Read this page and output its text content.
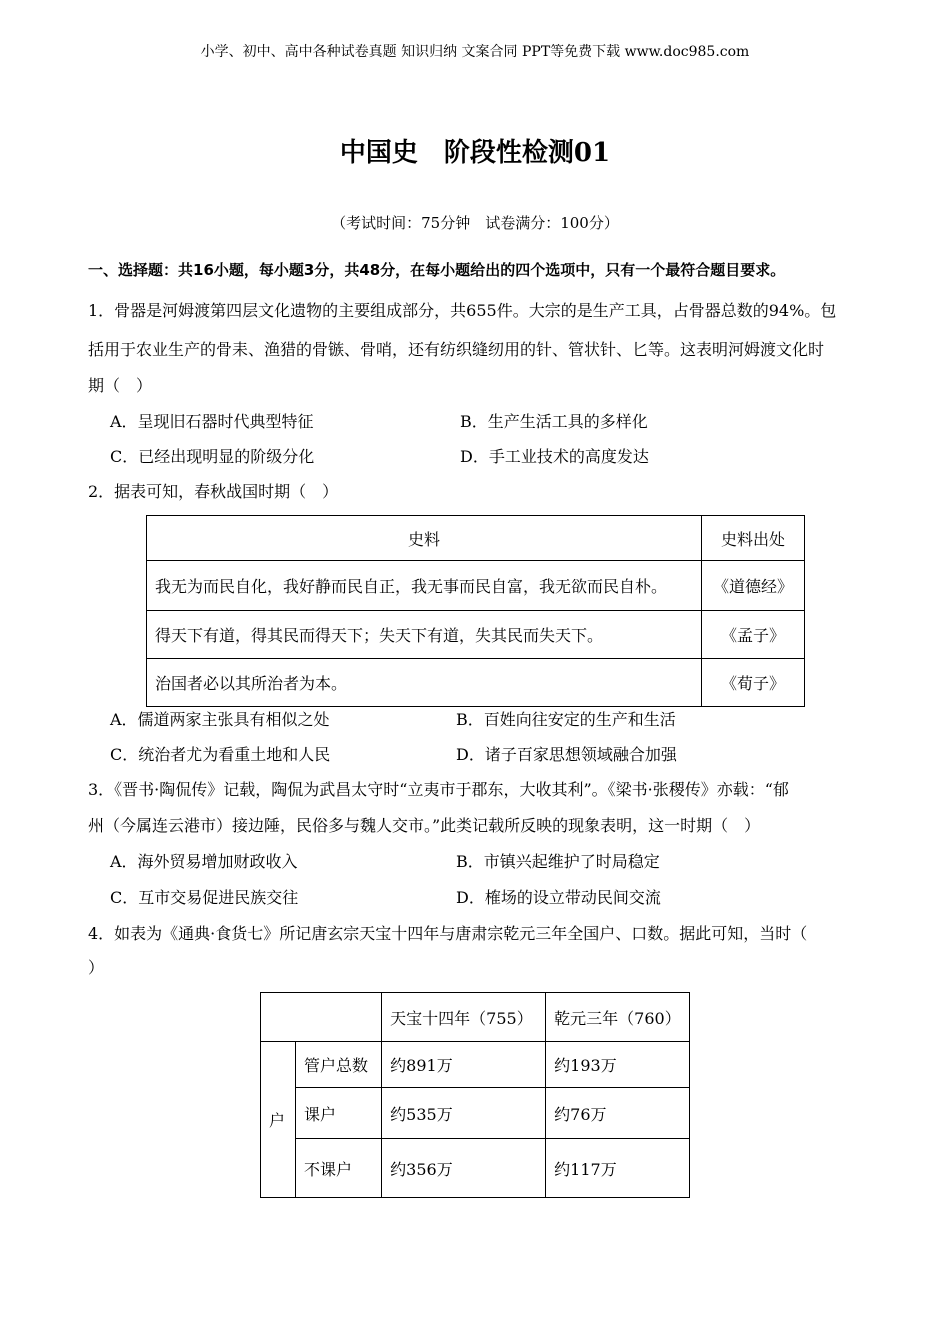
小学、初中、高中各种试卷真题 知识归纳 文案合同 PPT等免费下载 www.doc985.com
中国史　阶段性检测01
（考试时间：75分钟　试卷满分：100分）
一、选择题：共16小题，每小题3分，共48分，在每小题给出的四个选项中，只有一个最符合题目要求。
1．骨器是河姆渡第四层文化遗物的主要组成部分，共655件。大宗的是生产工具，占骨器总数的94%。包
括用于农业生产的骨耒、渔猎的骨镞、骨哨，还有纺织缝纫用的针、管状针、匕等。这表明河姆渡文化时
期（　）
A．呈现旧石器时代典型特征	B．生产生活工具的多样化
C．已经出现明显的阶级分化	D．手工业技术的高度发达
2．据表可知，春秋战国时期（　）
史料	史料出处
我无为而民自化，我好静而民自正，我无事而民自富，我无欲而民自朴。	《道德经》
得天下有道，得其民而得天下；失天下有道，失其民而失天下。	《孟子》
治国者必以其所治者为本。	《荀子》
A．儒道两家主张具有相似之处	B．百姓向往安定的生产和生活
C．统治者尤为看重土地和人民	D．诸子百家思想领域融合加强
3．《晋书·陶侃传》记载，陶侃为武昌太守时“立夷市于郡东，大收其利”。《梁书·张稷传》亦载：“郁
州（今属连云港市）接边陲，民俗多与魏人交市。”此类记载所反映的现象表明，这一时期（　）
A．海外贸易增加财政收入	B．市镇兴起维护了时局稳定
C．互市交易促进民族交往	D．榷场的设立带动民间交流
4．如表为《通典·食货七》所记唐玄宗天宝十四年与唐肃宗乾元三年全国户、口数。据此可知，当时（
）
		天宝十四年（755）	乾元三年（760）
户	管户总数	约891万	约193万
	课户	约535万	约76万
	不课户	约356万	约117万
